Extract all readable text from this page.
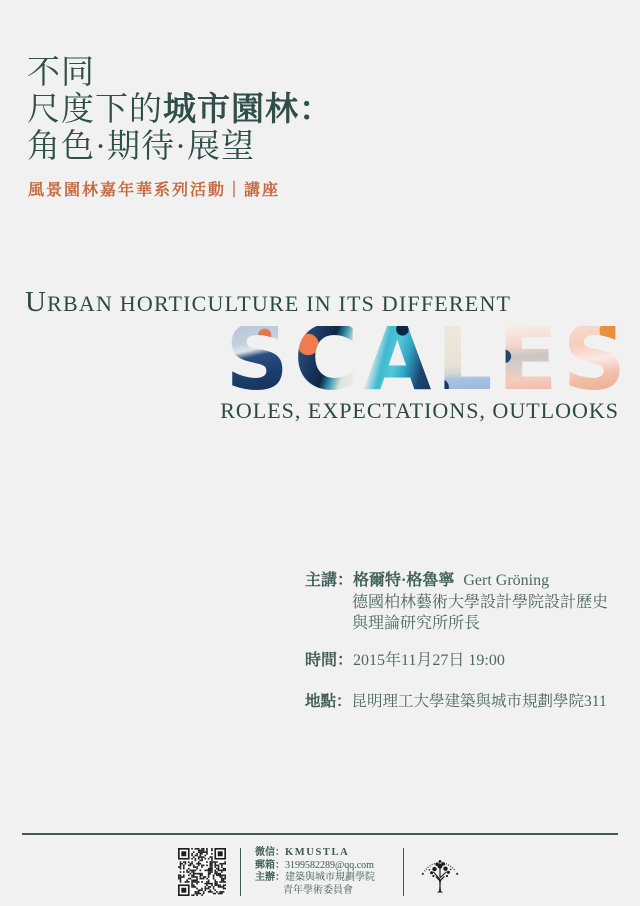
不同
尺度下的城市園林：
角色·期待·展望

風景園林嘉年華系列活動｜講座

URBAN HORTICULTURE IN ITS DIFFERENT
S C A L E S
ROLES, EXPECTATIONS, OUTLOOKS
主講：格爾特·格魯寧 Gert Gröning
德國柏林藝術大學設計學院設計歷史
與理論研究所所長
時間：2015年11月27日 19:00
地點：昆明理工大學建築與城市規劃學院311
微信：KMUSTLA
郵箱：3199582289@qq.com
主辦：建築與城市規劃學院
青年學術委員會
